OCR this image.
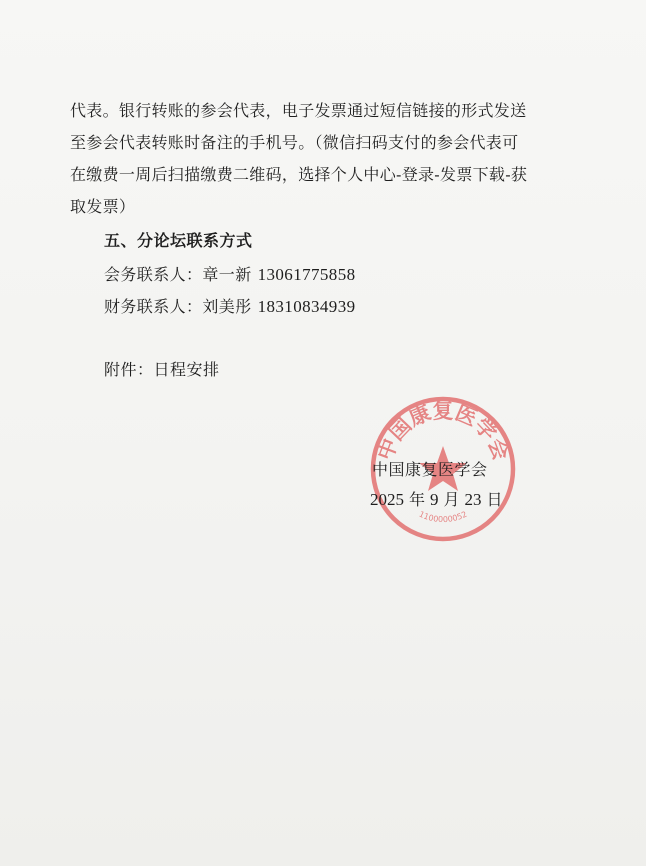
代表。银行转账的参会代表，电子发票通过短信链接的形式发送
至参会代表转账时备注的手机号。（微信扫码支付的参会代表可
在缴费一周后扫描缴费二维码，选择个人中心-登录-发票下载-获
取发票）
五、分论坛联系方式
会务联系人：章一新 13061775858
财务联系人：刘美彤 18310834939
附件：日程安排
中国康复医学会
1100000052
中国康复医学会
2025 年 9 月 23 日
